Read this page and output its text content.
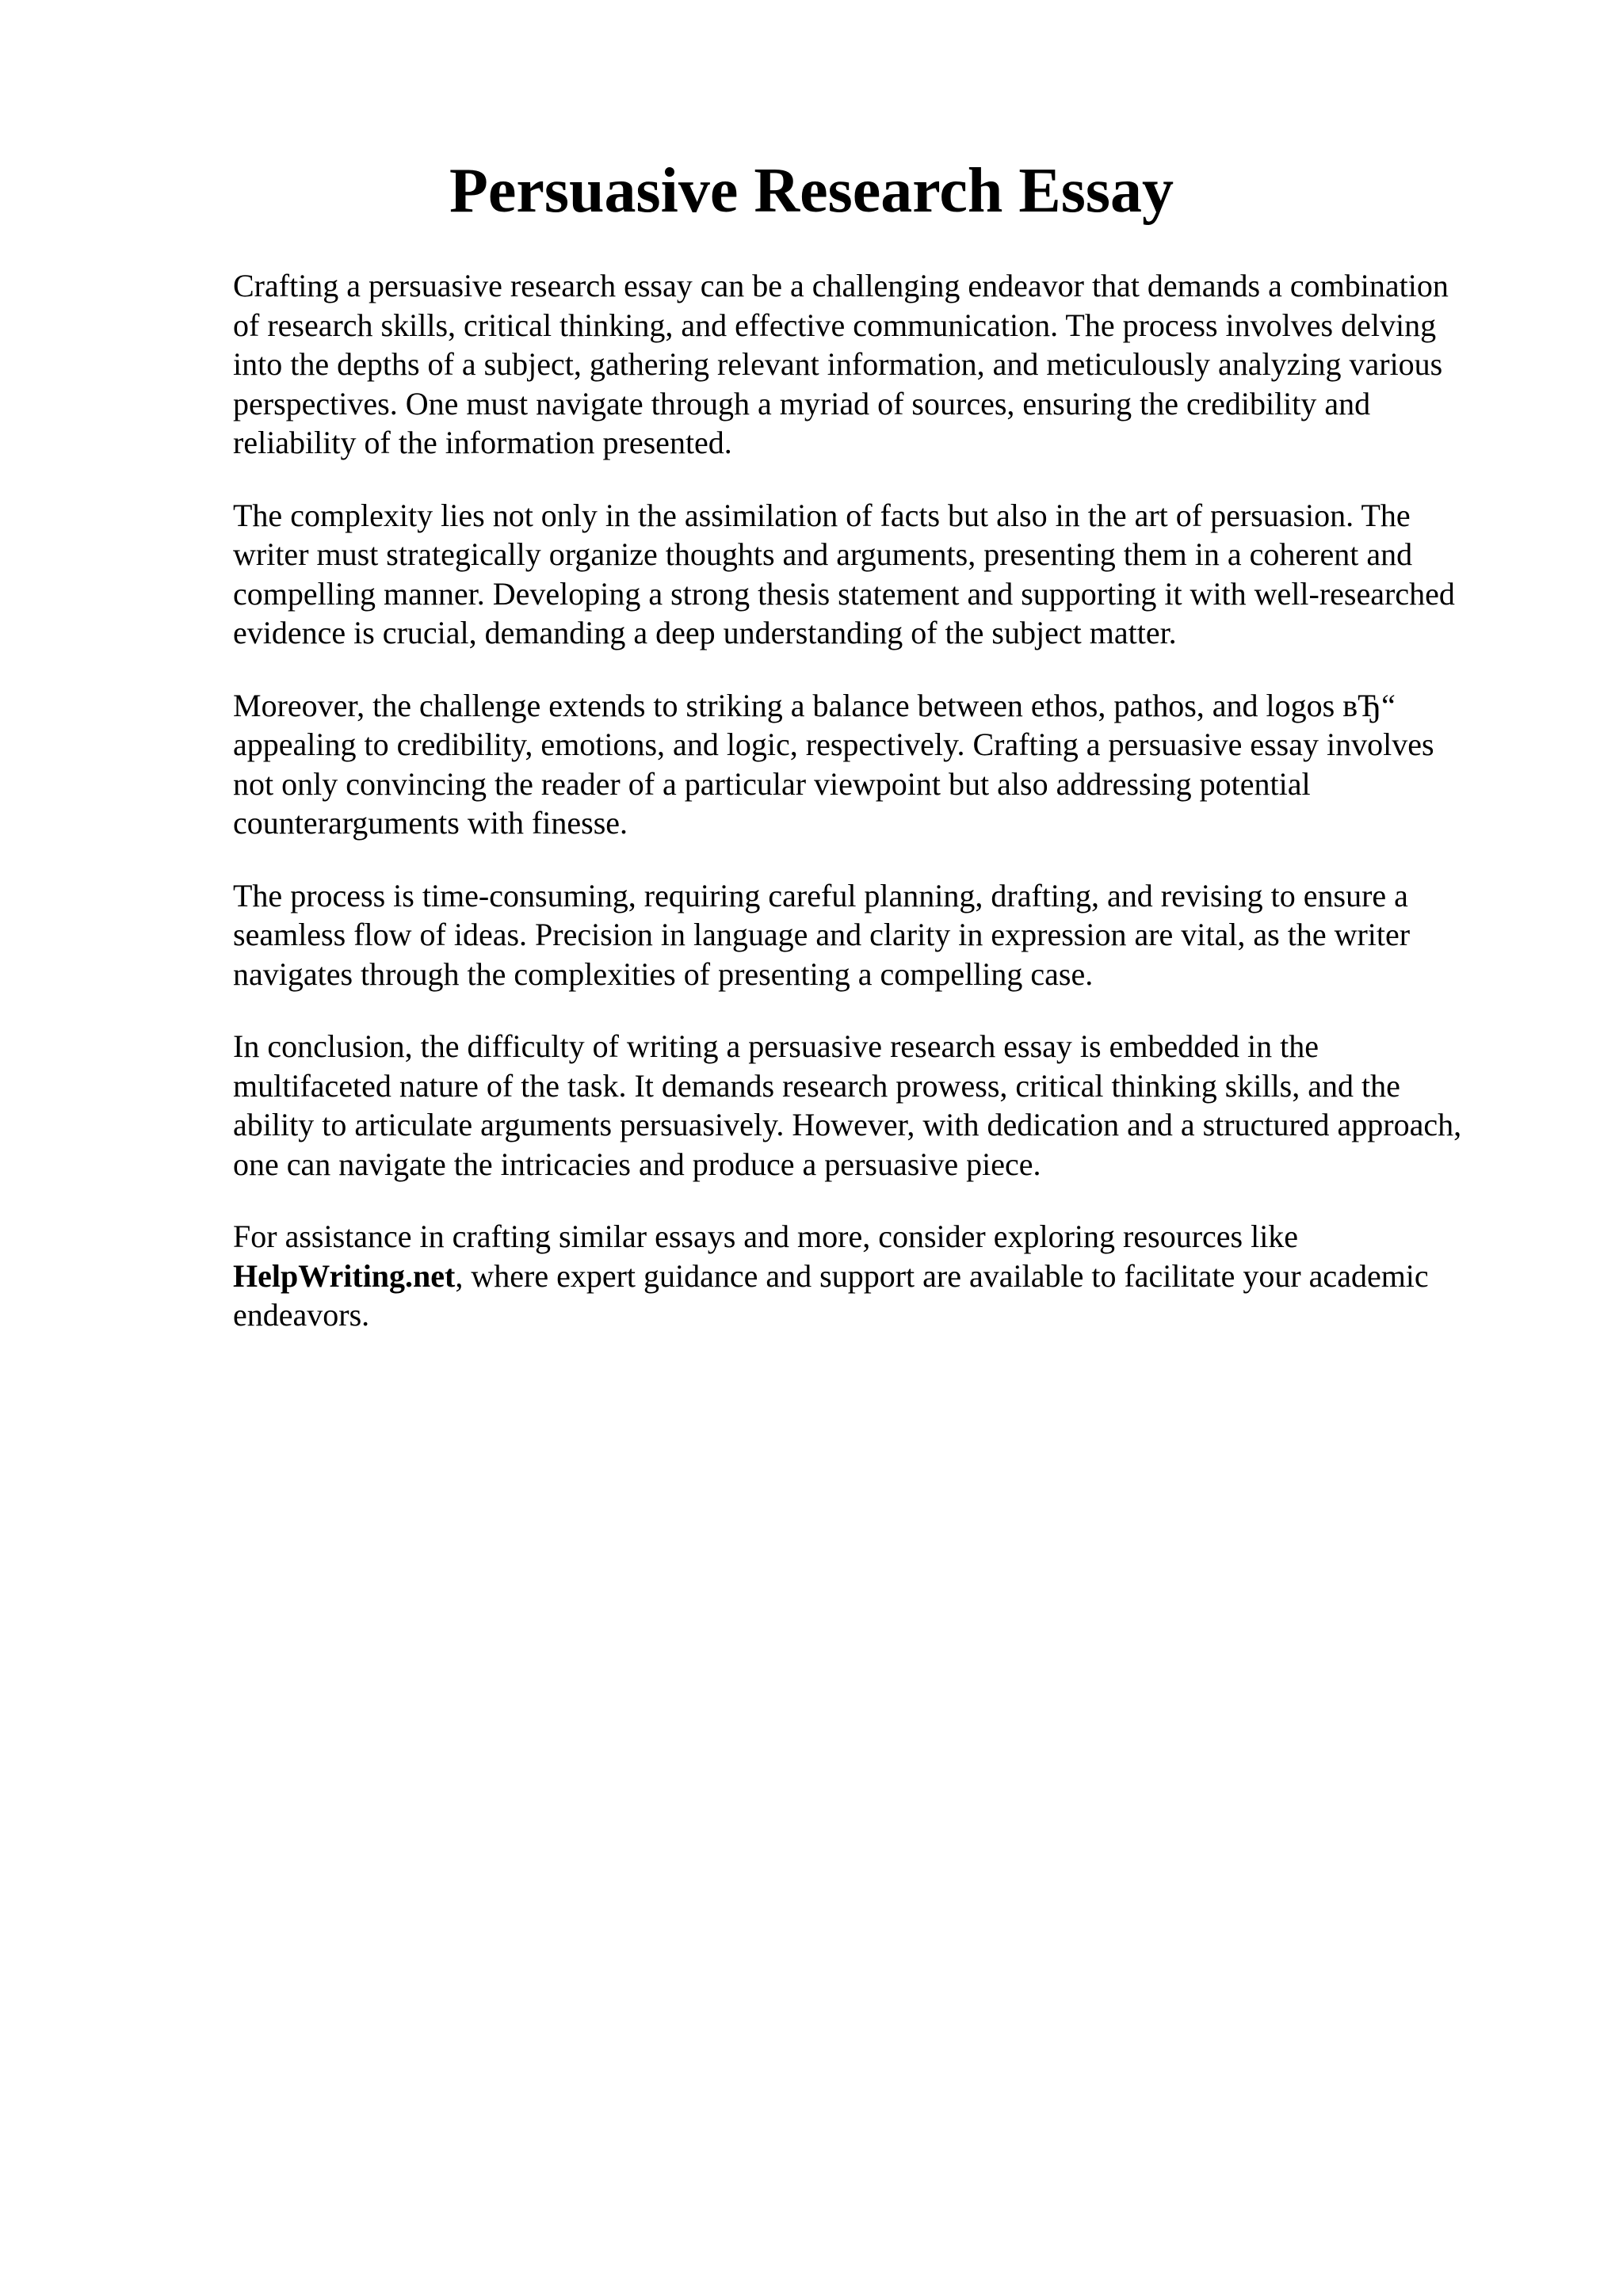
Persuasive Research Essay

Crafting a persuasive research essay can be a challenging endeavor that demands a combination
of research skills, critical thinking, and effective communication. The process involves delving
into the depths of a subject, gathering relevant information, and meticulously analyzing various
perspectives. One must navigate through a myriad of sources, ensuring the credibility and
reliability of the information presented.

The complexity lies not only in the assimilation of facts but also in the art of persuasion. The
writer must strategically organize thoughts and arguments, presenting them in a coherent and
compelling manner. Developing a strong thesis statement and supporting it with well-researched
evidence is crucial, demanding a deep understanding of the subject matter.

Moreover, the challenge extends to striking a balance between ethos, pathos, and logos вЂ“
appealing to credibility, emotions, and logic, respectively. Crafting a persuasive essay involves
not only convincing the reader of a particular viewpoint but also addressing potential
counterarguments with finesse.

The process is time-consuming, requiring careful planning, drafting, and revising to ensure a
seamless flow of ideas. Precision in language and clarity in expression are vital, as the writer
navigates through the complexities of presenting a compelling case.

In conclusion, the difficulty of writing a persuasive research essay is embedded in the
multifaceted nature of the task. It demands research prowess, critical thinking skills, and the
ability to articulate arguments persuasively. However, with dedication and a structured approach,
one can navigate the intricacies and produce a persuasive piece.

For assistance in crafting similar essays and more, consider exploring resources like
HelpWriting.net, where expert guidance and support are available to facilitate your academic
endeavors.
